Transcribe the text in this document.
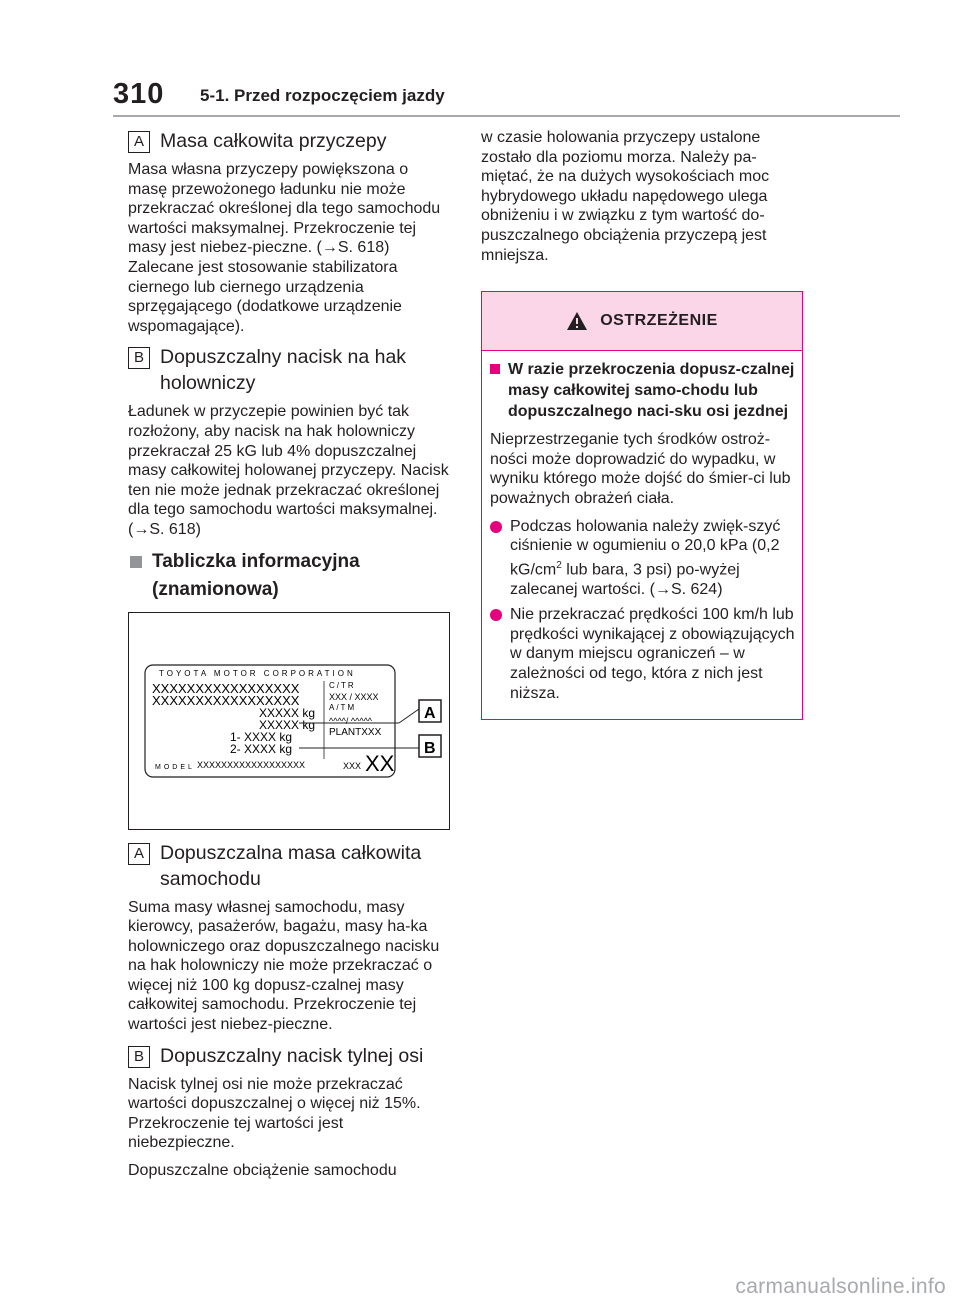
310 5-1. Przed rozpoczęciem jazdy
A Masa całkowita przyczepy
Masa własna przyczepy powiększona o masę przewożonego ładunku nie może przekraczać określonej dla tego samochodu wartości maksymalnej. Przekroczenie tej masy jest niebez-pieczne. (→S. 618)
Zalecane jest stosowanie stabilizatora ciernego lub ciernego urządzenia sprzęgającego (dodatkowe urządzenie wspomagające).
B Dopuszczalny nacisk na hak holowniczy
Ładunek w przyczepie powinien być tak rozłożony, aby nacisk na hak holowniczy przekraczał 25 kG lub 4% dopuszczalnej masy całkowitej holowanej przyczepy. Nacisk ten nie może jednak przekraczać określonej dla tego samochodu wartości maksymalnej. (→S. 618)
Tabliczka informacyjna (znamionowa)
TOYOTA MOTOR CORPORATION
XXXXXXXXXXXXXXXXX
XXXXXXXXXXXXXXXXX
XXXXX kg
XXXXX kg
1- XXXX kg
2- XXXX kg
C/TR
XXX / XXXX
A/TM
^^^^/ ^^^^^
PLANTXXX
MODEL XXXXXXXXXXXXXXXXXX	XXX XX
A
B
A Dopuszczalna masa całkowita samochodu
Suma masy własnej samochodu, masy kierowcy, pasażerów, bagażu, masy ha-ka holowniczego oraz dopuszczalnego nacisku na hak holowniczy nie może przekraczać o więcej niż 100 kg dopusz-czalnej masy całkowitej samochodu. Przekroczenie tej wartości jest niebez-pieczne.
B Dopuszczalny nacisk tylnej osi
Nacisk tylnej osi nie może przekraczać wartości dopuszczalnej o więcej niż 15%. Przekroczenie tej wartości jest niebezpieczne.
Dopuszczalne obciążenie samochodu
w czasie holowania przyczepy ustalone zostało dla poziomu morza. Należy pa-miętać, że na dużych wysokościach moc hybrydowego układu napędowego ulega obniżeniu i w związku z tym wartość do-puszczalnego obciążenia przyczepą jest mniejsza.
OSTRZEŻENIE
W razie przekroczenia dopusz-czalnej masy całkowitej samo-chodu lub dopuszczalnego naci-sku osi jezdnej
Nieprzestrzeganie tych środków ostroż-ności może doprowadzić do wypadku, w wyniku którego może dojść do śmier-ci lub poważnych obrażeń ciała.
Podczas holowania należy zwięk-szyć ciśnienie w ogumieniu o 20,0 kPa (0,2 $kG/cm^2$ lub bara, 3 psi) po-wyżej zalecanej wartości. (→S. 624)
Nie przekraczać prędkości 100 km/h lub prędkości wynikającej z obowiązujących w danym miejscu ograniczeń – w zależności od tego, która z nich jest niższa.
carmanualsonline.info
